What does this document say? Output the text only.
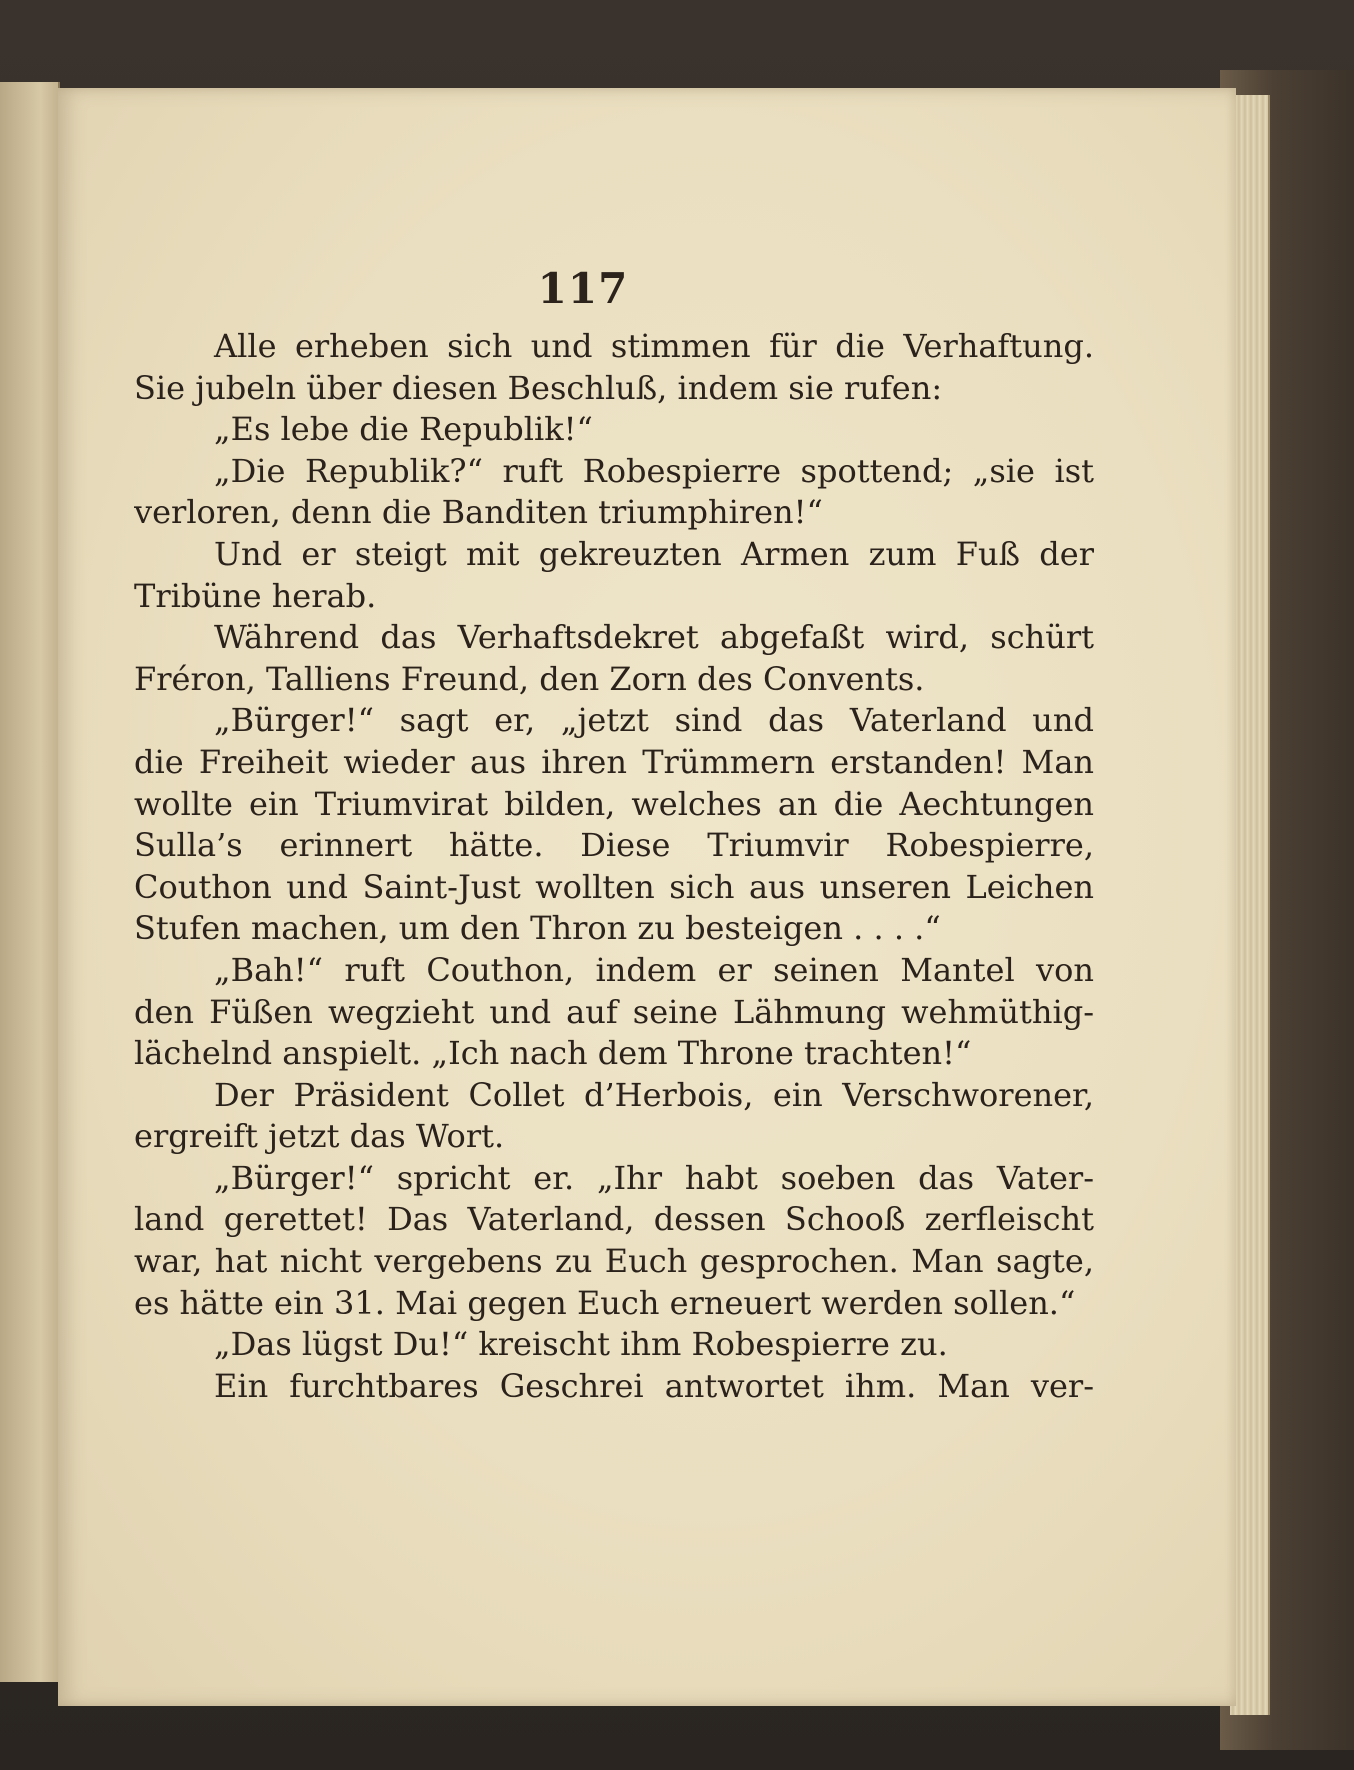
117
Alle erheben sich und stimmen für die Verhaftung.
Sie jubeln über diesen Beschluß, indem sie rufen:
„Es lebe die Republik!“
„Die Republik?“ ruft Robespierre spottend; „sie ist
verloren, denn die Banditen triumphiren!“
Und er steigt mit gekreuzten Armen zum Fuß der
Tribüne herab.
Während das Verhaftsdekret abgefaßt wird, schürt
Fréron, Talliens Freund, den Zorn des Convents.
„Bürger!“ sagt er, „jetzt sind das Vaterland und
die Freiheit wieder aus ihren Trümmern erstanden! Man
wollte ein Triumvirat bilden, welches an die Aechtungen
Sulla’s erinnert hätte. Diese Triumvir Robespierre,
Couthon und Saint-Just wollten sich aus unseren Leichen
Stufen machen, um den Thron zu besteigen . . . .“
„Bah!“ ruft Couthon, indem er seinen Mantel von
den Füßen wegzieht und auf seine Lähmung wehmüthig-
lächelnd anspielt. „Ich nach dem Throne trachten!“
Der Präsident Collet d’Herbois, ein Verschworener,
ergreift jetzt das Wort.
„Bürger!“ spricht er. „Ihr habt soeben das Vater-
land gerettet! Das Vaterland, dessen Schooß zerfleischt
war, hat nicht vergebens zu Euch gesprochen. Man sagte,
es hätte ein 31. Mai gegen Euch erneuert werden sollen.“
„Das lügst Du!“ kreischt ihm Robespierre zu.
Ein furchtbares Geschrei antwortet ihm. Man ver-
